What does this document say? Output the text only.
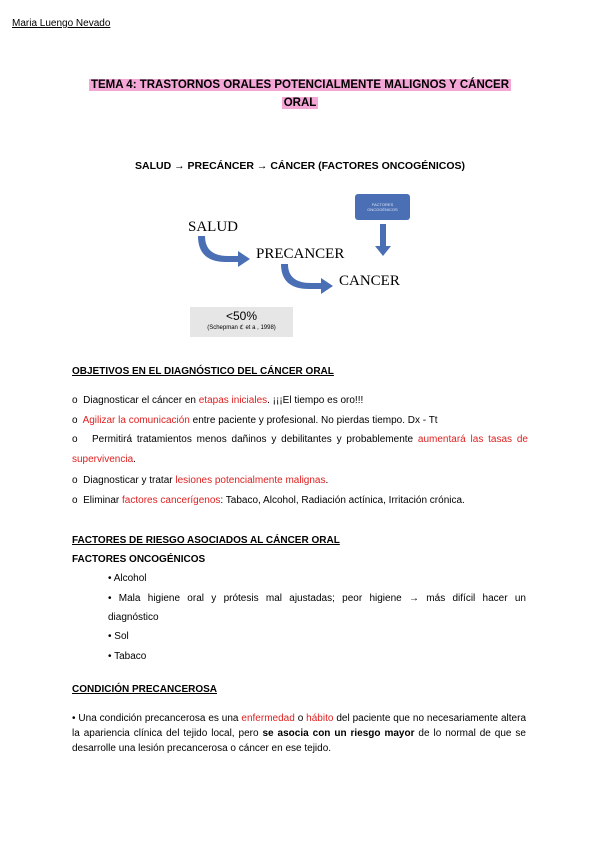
Maria Luengo Nevado
TEMA 4: TRASTORNOS ORALES POTENCIALMENTE MALIGNOS Y CÁNCER
ORAL
SALUD → PRECÁNCER → CÁNCER (FACTORES ONCOGÉNICOS)
FACTORES
ONCOGÉNICOS
SALUD
PRECANCER
CANCER
<50%
(Schepman ℭ et a , 1998)
OBJETIVOS EN EL DIAGNÓSTICO DEL CÁNCER ORAL
o Diagnosticar el cáncer en etapas iniciales. ¡¡¡El tiempo es oro!!!
o Agilizar la comunicación entre paciente y profesional. No pierdas tiempo. Dx - Tt
o Permitirá tratamientos menos dañinos y debilitantes y probablemente aumentará las tasas de supervivencia.
o Diagnosticar y tratar lesiones potencialmente malignas.
o Eliminar factores cancerígenos: Tabaco, Alcohol, Radiación actínica, Irritación crónica.
FACTORES DE RIESGO ASOCIADOS AL CÁNCER ORAL
FACTORES ONCOGÉNICOS
• Alcohol
• Mala higiene oral y prótesis mal ajustadas; peor higiene → más difícil hacer un
diagnóstico
• Sol
• Tabaco
CONDICIÓN PRECANCEROSA
• Una condición precancerosa es una enfermedad o hábito del paciente que no necesariamente altera la apariencia clínica del tejido local, pero se asocia con un riesgo mayor de lo normal de que se desarrolle una lesión precancerosa o cáncer en ese tejido.
